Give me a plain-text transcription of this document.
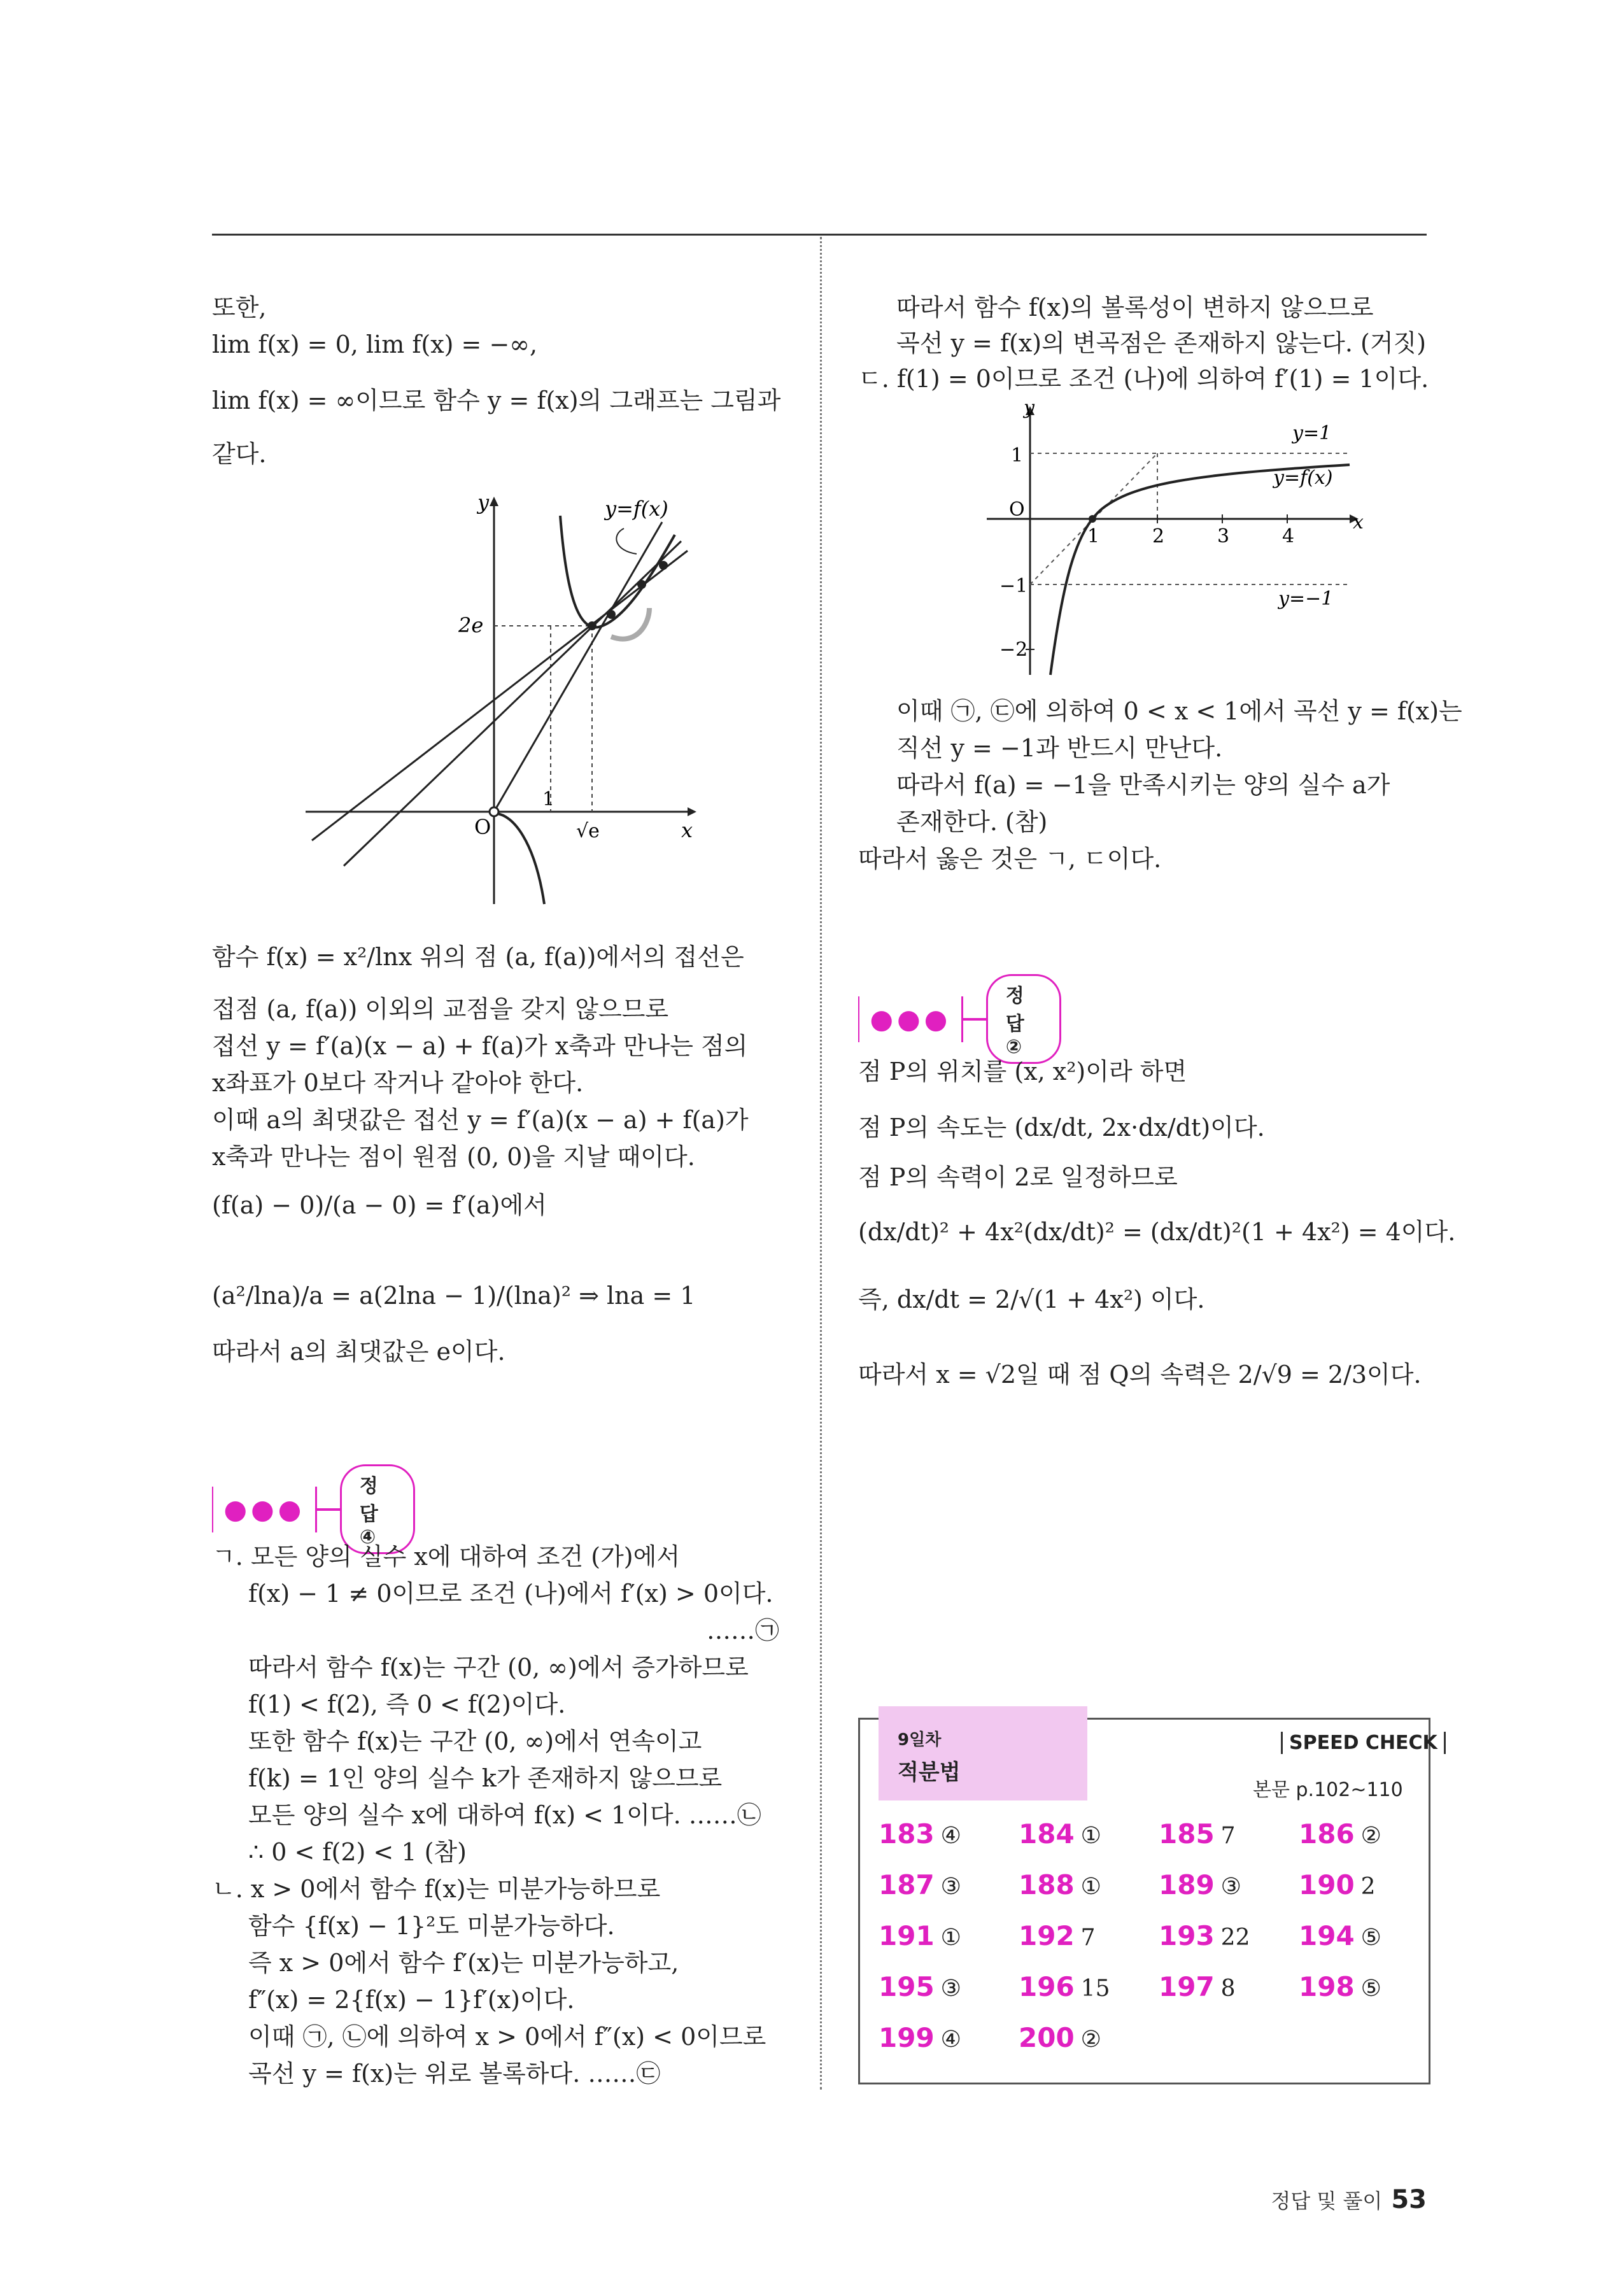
또한,
lim f(x) = 0, lim f(x) = −∞,
lim f(x) = ∞이므로 함수 y = f(x)의 그래프는 그림과
같다.
y=f(x)
y
x
O
2e
1
√e
함수 f(x) = x²/lnx 위의 점 (a, f(a))에서의 접선은
접점 (a, f(a)) 이외의 교점을 갖지 않으므로
접선 y = f′(a)(x − a) + f(a)가 x축과 만나는 점의
x좌표가 0보다 작거나 같아야 한다.
이때 a의 최댓값은 접선 y = f′(a)(x − a) + f(a)가
x축과 만나는 점이 원점 (0, 0)을 지날 때이다.
(f(a) − 0)/(a − 0) = f′(a)에서
(a²/lna)/a = a(2lna − 1)/(lna)² ⇒ lna = 1
따라서 a의 최댓값은 e이다.
●●●
정답 ④
ㄱ. 모든 양의 실수 x에 대하여 조건 (가)에서
f(x) − 1 ≠ 0이므로 조건 (나)에서 f′(x) > 0이다.
……㉠
따라서 함수 f(x)는 구간 (0, ∞)에서 증가하므로
f(1) < f(2), 즉 0 < f(2)이다.
또한 함수 f(x)는 구간 (0, ∞)에서 연속이고
f(k) = 1인 양의 실수 k가 존재하지 않으므로
모든 양의 실수 x에 대하여 f(x) < 1이다. ……㉡
∴ 0 < f(2) < 1 (참)
ㄴ. x > 0에서 함수 f(x)는 미분가능하므로
함수 {f(x) − 1}²도 미분가능하다.
즉 x > 0에서 함수 f′(x)는 미분가능하고,
f″(x) = 2{f(x) − 1}f′(x)이다.
이때 ㉠, ㉡에 의하여 x > 0에서 f″(x) < 0이므로
곡선 y = f(x)는 위로 볼록하다. ……㉢
따라서 함수 f(x)의 볼록성이 변하지 않으므로
곡선 y = f(x)의 변곡점은 존재하지 않는다. (거짓)
ㄷ. f(1) = 0이므로 조건 (나)에 의하여 f′(1) = 1이다.
y
x
O
1
−1
−2
1	2	3	4
y=1
y=f(x)
y=−1
이때 ㉠, ㉢에 의하여 0 < x < 1에서 곡선 y = f(x)는
직선 y = −1과 반드시 만난다.
따라서 f(a) = −1을 만족시키는 양의 실수 a가
존재한다. (참)
따라서 옳은 것은 ㄱ, ㄷ이다.
●●●
정답 ②
점 P의 위치를 (x, x²)이라 하면
점 P의 속도는 (dx/dt, 2x·dx/dt)이다.
점 P의 속력이 2로 일정하므로
(dx/dt)² + 4x²(dx/dt)² = (dx/dt)²(1 + 4x²) = 4이다.
즉, dx/dt = 2/√(1 + 4x²) 이다.
따라서 x = √2일 때 점 Q의 속력은 2/√9 = 2/3이다.
9일차
적분법
SPEED CHECK
본문 p.102~110
183 ④ 184 ① 185 7 186 ②
187 ③ 188 ① 189 ③ 190 2
191 ① 192 7 193 22 194 ⑤
195 ③ 196 15 197 8 198 ⑤
199 ④ 200 ②
정답 및 풀이 53
